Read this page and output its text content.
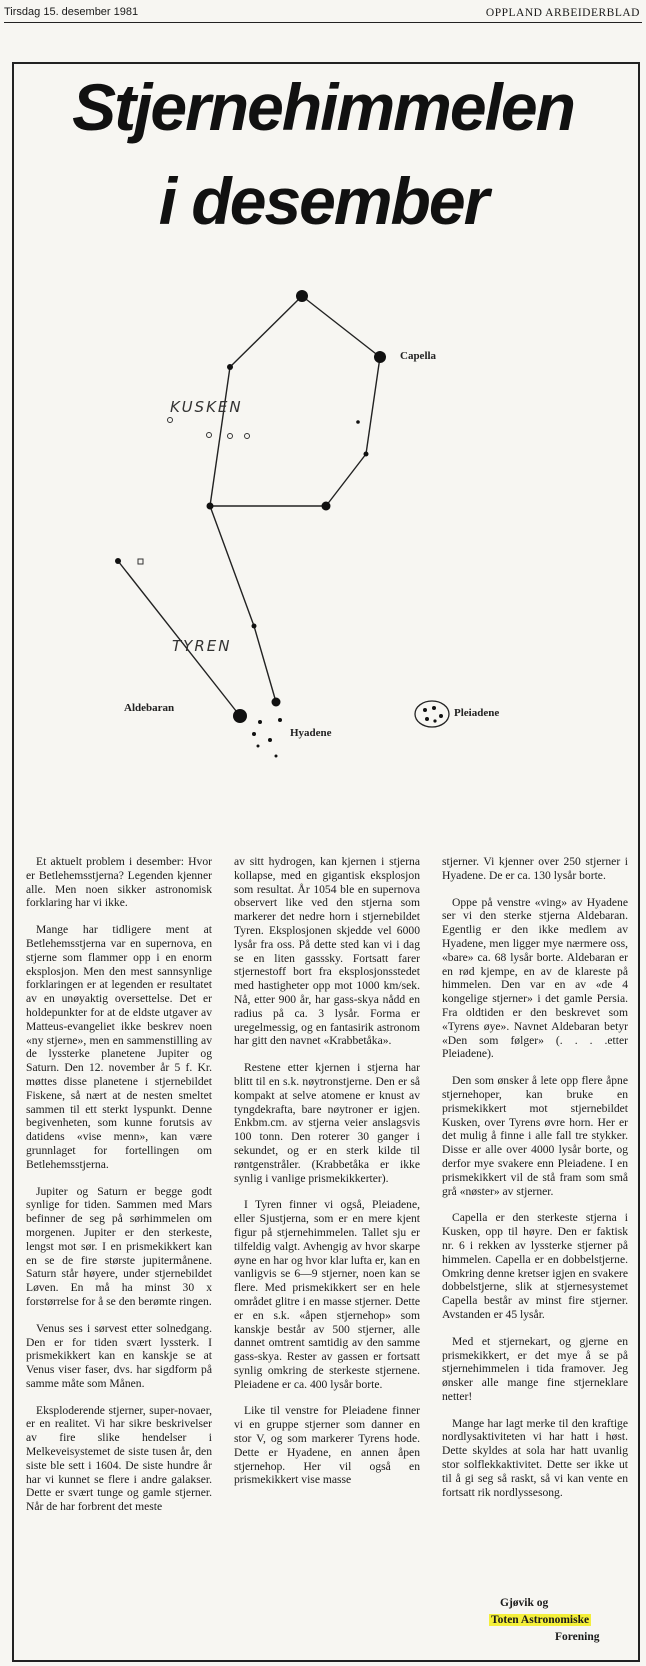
Tirsdag 15. desember 1981	OPPLAND ARBEIDERBLAD
Stjernehimmelen
i desember
Capella
KUSKEN
TYREN
Aldebaran
Hyadene
Pleiadene

Et aktuelt problem i desember: Hvor er Betlehemsstjerna? Legenden kjenner alle. Men noen sikker astronomisk forklaring har vi ikke.

Mange har tidligere ment at Betlehemsstjerna var en supernova, en stjerne som flammer opp i en enorm eksplosjon. Men den mest sannsynlige forklaringen er at legenden er resultatet av en unøyaktig oversettelse. Det er holdepunkter for at de eldste utgaver av Matteus-evangeliet ikke beskrev noen «ny stjerne», men en sammenstilling av de lyssterke planetene Jupiter og Saturn. Den 12. november år 5 f. Kr. møttes disse planetene i stjernebildet Fiskene, så nært at de nesten smeltet sammen til ett sterkt lyspunkt. Denne begivenheten, som kunne forutsis av datidens «vise menn», kan være grunnlaget for fortellingen om Betlehemsstjerna.

Jupiter og Saturn er begge godt synlige for tiden. Sammen med Mars befinner de seg på sørhimmelen om morgenen. Jupiter er den sterkeste, lengst mot sør. I en prismekikkert kan en se de fire største jupitermånene. Saturn står høyere, under stjernebildet Løven. En må ha minst 30 x forstørrelse for å se den berømte ringen.

Venus ses i sørvest etter solnedgang. Den er for tiden svært lyssterk. I prismekikkert kan en kanskje se at Venus viser faser, dvs. har sigdform på samme måte som Månen.

Eksploderende stjerner, super-novaer, er en realitet. Vi har sikre beskrivelser av fire slike hendelser i Melkeveisystemet de siste tusen år, den siste ble sett i 1604. De siste hundre år har vi kunnet se flere i andre galakser. Dette er svært tunge og gamle stjerner. Når de har forbrent det meste

av sitt hydrogen, kan kjernen i stjerna kollapse, med en gigantisk eksplosjon som resultat. År 1054 ble en supernova observert like ved den stjerna som markerer det nedre horn i stjernebildet Tyren. Eksplosjonen skjedde vel 6000 lysår fra oss. På dette sted kan vi i dag se en liten gasssky. Fortsatt farer stjernestoff bort fra eksplosjonsstedet med hastigheter opp mot 1000 km/sek. Nå, etter 900 år, har gass-skya nådd en radius på ca. 3 lysår. Forma er uregelmessig, og en fantasirik astronom har gitt den navnet «Krabbetåka».

Restene etter kjernen i stjerna har blitt til en s.k. nøytronstjerne. Den er så kompakt at selve atomene er knust av tyngdekrafta, bare nøytroner er igjen. Enkbm.cm. av stjerna veier anslagsvis 100 tonn. Den roterer 30 ganger i sekundet, og er en sterk kilde til røntgenstråler. (Krabbetåka er ikke synlig i vanlige prismekikkerter).

I Tyren finner vi også, Pleiadene, eller Sjustjerna, som er en mere kjent figur på stjernehimmelen. Tallet sju er tilfeldig valgt. Avhengig av hvor skarpe øyne en har og hvor klar lufta er, kan en vanligvis se 6—9 stjerner, noen kan se flere. Med prismekikkert ser en hele området glitre i en masse stjerner. Dette er en s.k. «åpen stjernehop» som kanskje består av 500 stjerner, alle dannet omtrent samtidig av den samme gass-skya. Rester av gassen er fortsatt synlig omkring de sterkeste stjernene. Pleiadene er ca. 400 lysår borte.

Like til venstre for Pleiadene finner vi en gruppe stjerner som danner en stor V, og som markerer Tyrens hode. Dette er Hyadene, en annen åpen stjernehop. Her vil også en prismekikkert vise masse

stjerner. Vi kjenner over 250 stjerner i Hyadene. De er ca. 130 lysår borte.

Oppe på venstre «ving» av Hyadene ser vi den sterke stjerna Aldebaran. Egentlig er den ikke medlem av Hyadene, men ligger mye nærmere oss, «bare» ca. 68 lysår borte. Aldebaran er en rød kjempe, en av de klareste på himmelen. Den var en av «de 4 kongelige stjerner» i det gamle Persia. Fra oldtiden er den beskrevet som «Tyrens øye». Navnet Aldebaran betyr «Den som følger» (. . . .etter Pleiadene).

Den som ønsker å lete opp flere åpne stjernehoper, kan bruke en prismekikkert mot stjernebildet Kusken, over Tyrens øvre horn. Her er det mulig å finne i alle fall tre stykker. Disse er alle over 4000 lysår borte, og derfor mye svakere enn Pleiadene. I en prismekikkert vil de stå fram som små grå «nøster» av stjerner.

Capella er den sterkeste stjerna i Kusken, opp til høyre. Den er faktisk nr. 6 i rekken av lyssterke stjerner på himmelen. Capella er en dobbelstjerne. Omkring denne kretser igjen en svakere dobbelstjerne, slik at stjernesystemet Capella består av minst fire stjerner. Avstanden er 45 lysår.

Med et stjernekart, og gjerne en prismekikkert, er det mye å se på stjernehimmelen i tida framover. Jeg ønsker alle mange fine stjerneklare netter!

Mange har lagt merke til den kraftige nordlysaktiviteten vi har hatt i høst. Dette skyldes at sola har hatt uvanlig stor solflekkaktivitet. Dette ser ikke ut til å gi seg så raskt, så vi kan vente en fortsatt rik nordlyssesong.

Gjøvik og
Toten Astronomiske
Forening
